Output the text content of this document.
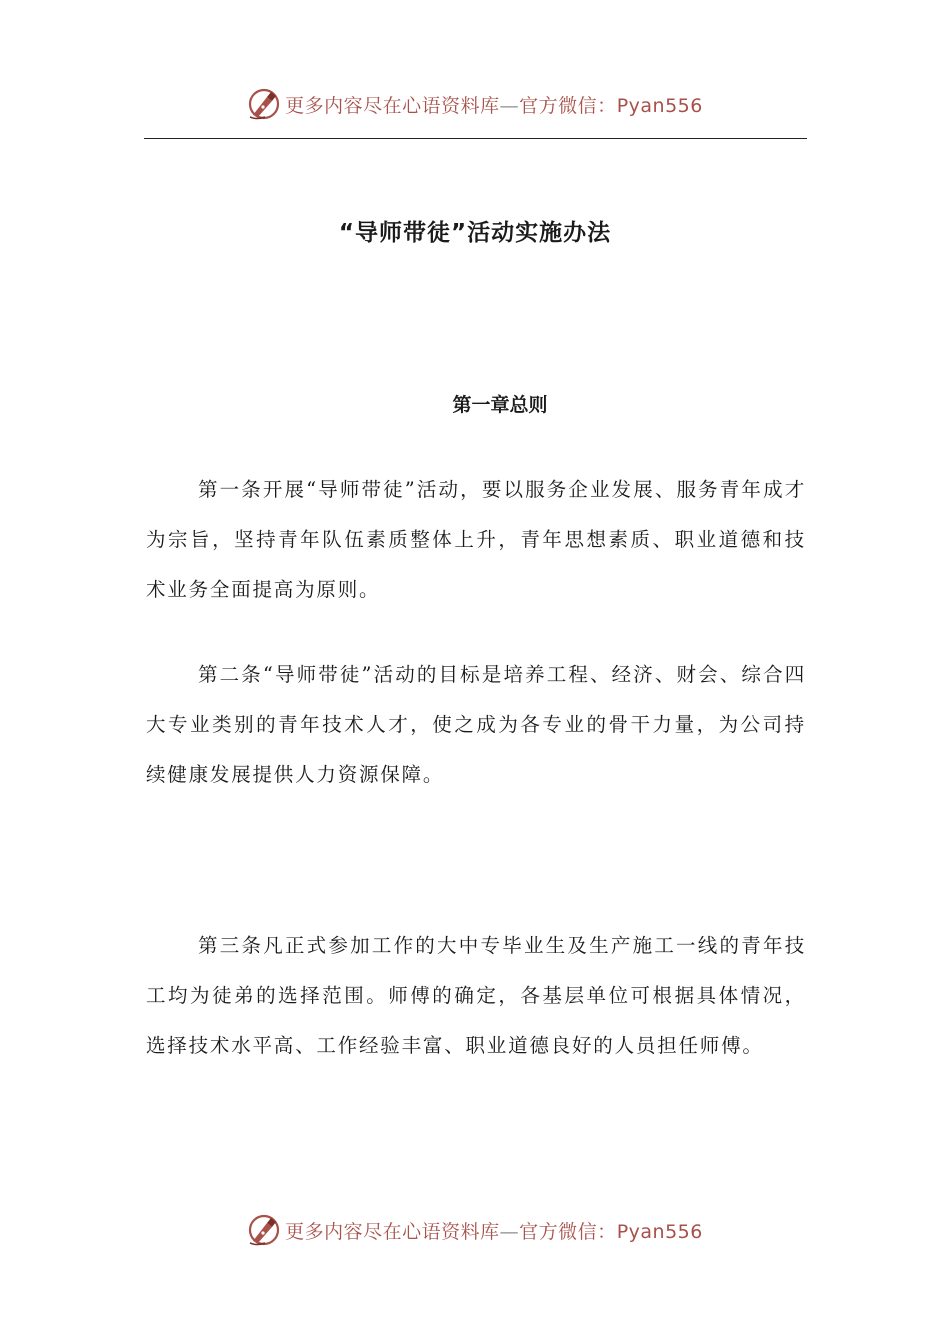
更多内容尽在心语资料库—官方微信：Pyan556
“导师带徒”活动实施办法
第一章总则

第一条开展“导师带徒”活动，要以服务企业发展、服务青年成才为宗旨，坚持青年队伍素质整体上升，青年思想素质、职业道德和技术业务全面提高为原则。

第二条“导师带徒”活动的目标是培养工程、经济、财会、综合四大专业类别的青年技术人才，使之成为各专业的骨干力量，为公司持续健康发展提供人力资源保障。

第三条凡正式参加工作的大中专毕业生及生产施工一线的青年技工均为徒弟的选择范围。师傅的确定，各基层单位可根据具体情况，选择技术水平高、工作经验丰富、职业道德良好的人员担任师傅。

更多内容尽在心语资料库—官方微信：Pyan556
